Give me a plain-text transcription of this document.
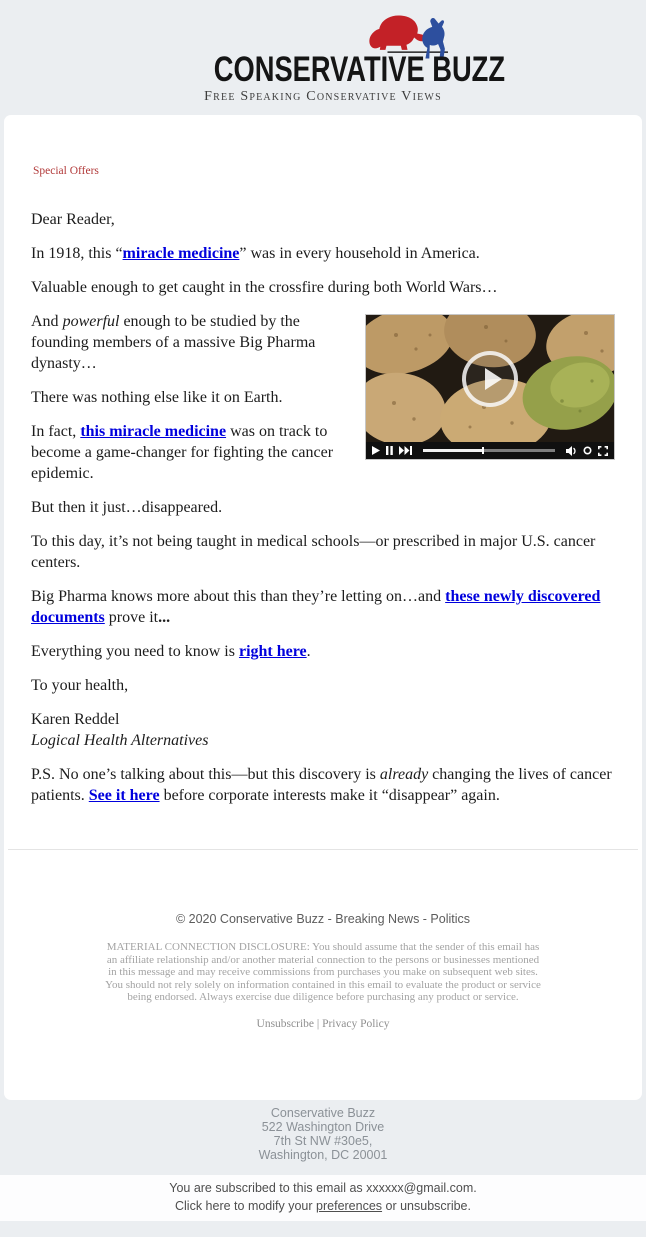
CONSERVATIVE BUZZ
Free Speaking Conservative Views
Special Offers

Dear Reader,

In 1918, this “miracle medicine” was in every household in America.

Valuable enough to get caught in the crossfire during both World Wars…

And powerful enough to be studied by the founding members of a massive Big Pharma dynasty…

There was nothing else like it on Earth.

In fact, this miracle medicine was on track to become a game-changer for fighting the cancer epidemic.

But then it just…disappeared.

To this day, it’s not being taught in medical schools—or prescribed in major U.S. cancer centers.

Big Pharma knows more about this than they’re letting on…and these newly discovered documents prove it...

Everything you need to know is right here.

To your health,

Karen Reddel
Logical Health Alternatives

P.S. No one’s talking about this—but this discovery is already changing the lives of cancer patients. See it here before corporate interests make it “disappear” again.

© 2020 Conservative Buzz - Breaking News - Politics
MATERIAL CONNECTION DISCLOSURE: You should assume that the sender of this email has an affiliate relationship and/or another material connection to the persons or businesses mentioned in this message and may receive commissions from purchases you make on subsequent web sites. You should not rely solely on information contained in this email to evaluate the product or service being endorsed. Always exercise due diligence before purchasing any product or service.
Unsubscribe | Privacy Policy
Conservative Buzz
522 Washington Drive
7th St NW #30e5,
Washington, DC 20001
You are subscribed to this email as xxxxxx@gmail.com.
Click here to modify your preferences or unsubscribe.
